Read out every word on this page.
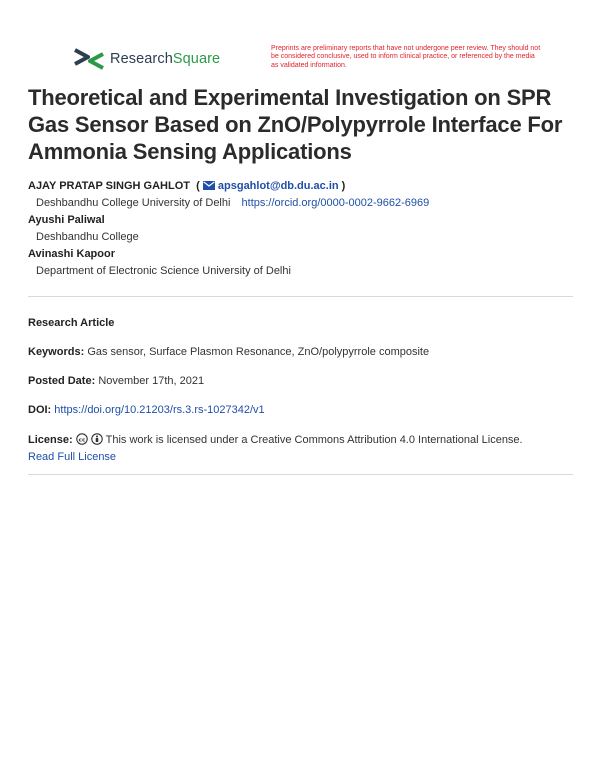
ResearchSquare
Preprints are preliminary reports that have not undergone peer review. They should not be considered conclusive, used to inform clinical practice, or referenced by the media as validated information.
Theoretical and Experimental Investigation on SPR Gas Sensor Based on ZnO/Polypyrrole Interface For Ammonia Sensing Applications
AJAY PRATAP SINGH GAHLOT  (  apsgahlot@db.du.ac.in )
Deshbandhu College University of Delhi https://orcid.org/0000-0002-9662-6969
Ayushi Paliwal
Deshbandhu College
Avinashi Kapoor
Department of Electronic Science University of Delhi
Research Article
Keywords: Gas sensor, Surface Plasmon Resonance, ZnO/polypyrrole composite
Posted Date: November 17th, 2021
DOI: https://doi.org/10.21203/rs.3.rs-1027342/v1
License: cc This work is licensed under a Creative Commons Attribution 4.0 International License.
Read Full License
